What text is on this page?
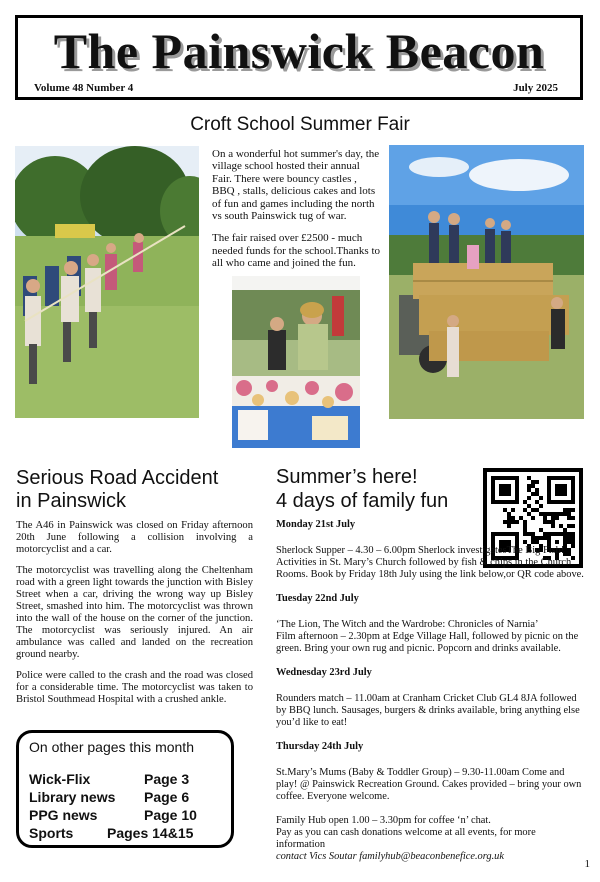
The Painswick Beacon
Volume 48 Number 4	July 2025
Croft School Summer Fair

On a wonderful hot summer's day, the village school hosted their annual Fair. There were bouncy castles , BBQ , stalls, delicious cakes and lots of fun and games including the north vs south Painswick tug of war.

The fair raised over £2500 - much needed funds for the school.Thanks to all who came and joined the fun.

Serious Road Accident
in Painswick

The A46 in Painswick was closed on Friday afternoon 20th June following a collision involving a motorcyclist and a car.

The motorcyclist was travelling along the Cheltenham road with a green light towards the junction with Bisley Street when a car, driving the wrong way up Bisley Street, smashed into him. The motorcyclist was thrown into the wall of the house on the corner of the junction. The motorcyclist was seriously injured. An air ambulance was called and landed on the recreation ground nearby.

Police were called to the crash and the road was closed for a considerable time. The motorcyclist was taken to Bristol Southmead Hospital with a crushed ankle.

On other pages this month
Wick-Flix	Page 3
Library news Page 6
PPG news	Page 10
Sports Pages 14&15
Summer’s here!
4 days of family fun
Monday 21st July
Sherlock Supper – 4.30 – 6.00pm Sherlock investigatesThe Big Fish! Activities in St. Mary’s Church followed by fish & chips in the Church Rooms. Book by Friday 18th July using the link below,or QR code above.
Tuesday 22nd July
‘The Lion, The Witch and the Wardrobe: Chronicles of Narnia’
Film afternoon – 2.30pm at Edge Village Hall, followed by picnic on the green. Bring your own rug and picnic. Popcorn and drinks available.
Wednesday 23rd July
Rounders match – 11.00am at Cranham Cricket Club GL4 8JA followed by BBQ lunch. Sausages, burgers & drinks available, bring anything else you’d like to eat!
Thursday 24th July
St.Mary’s Mums (Baby & Toddler Group) – 9.30-11.00am Come and play! @ Painswick Recreation Ground. Cakes provided – bring your own coffee. Everyone welcome.
Family Hub open 1.00 – 3.30pm for coffee ‘n’ chat.
Pay as you can cash donations welcome at all events, for more information
contact Vics Soutar familyhub@beaconbenefice.org.uk
1
